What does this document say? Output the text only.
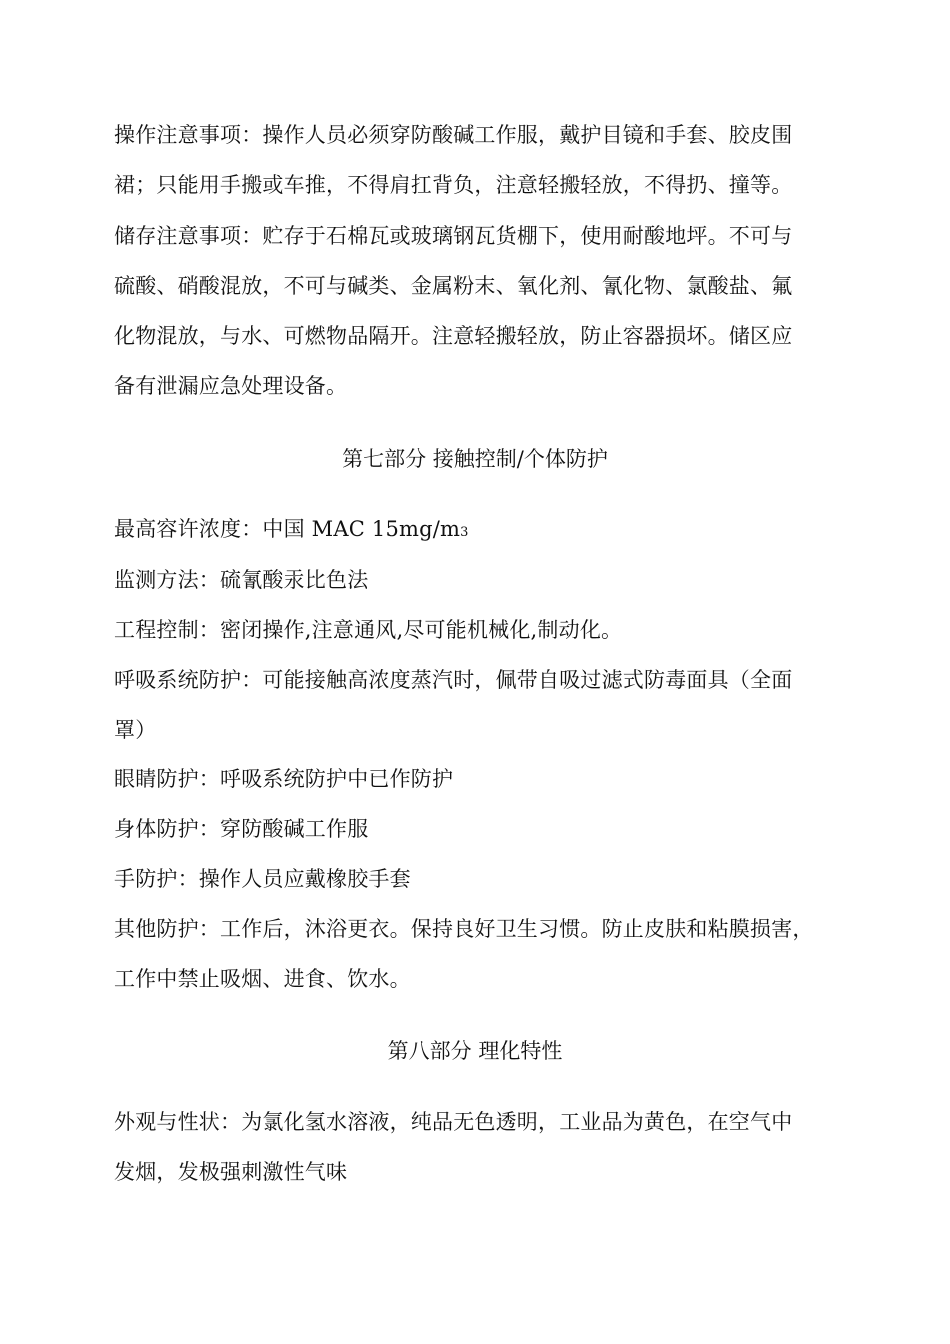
操作注意事项：操作人员必须穿防酸碱工作服，戴护目镜和手套、胶皮围
裙；只能用手搬或车推，不得肩扛背负，注意轻搬轻放，不得扔、撞等。
储存注意事项：贮存于石棉瓦或玻璃钢瓦货棚下，使用耐酸地坪。不可与
硫酸、硝酸混放，不可与碱类、金属粉末、氧化剂、氰化物、氯酸盐、氟
化物混放，与水、可燃物品隔开。注意轻搬轻放，防止容器损坏。储区应
备有泄漏应急处理设备。
第七部分 接触控制/个体防护
最高容许浓度：中国 MAC 15mg/m3
监测方法：硫氰酸汞比色法
工程控制：密闭操作,注意通风,尽可能机械化,制动化。
呼吸系统防护：可能接触高浓度蒸汽时，佩带自吸过滤式防毒面具（全面
罩）
眼睛防护：呼吸系统防护中已作防护
身体防护：穿防酸碱工作服
手防护：操作人员应戴橡胶手套
其他防护：工作后，沐浴更衣。保持良好卫生习惯。防止皮肤和粘膜损害，
工作中禁止吸烟、进食、饮水。
第八部分 理化特性
外观与性状：为氯化氢水溶液，纯品无色透明，工业品为黄色，在空气中
发烟，发极强刺激性气味
